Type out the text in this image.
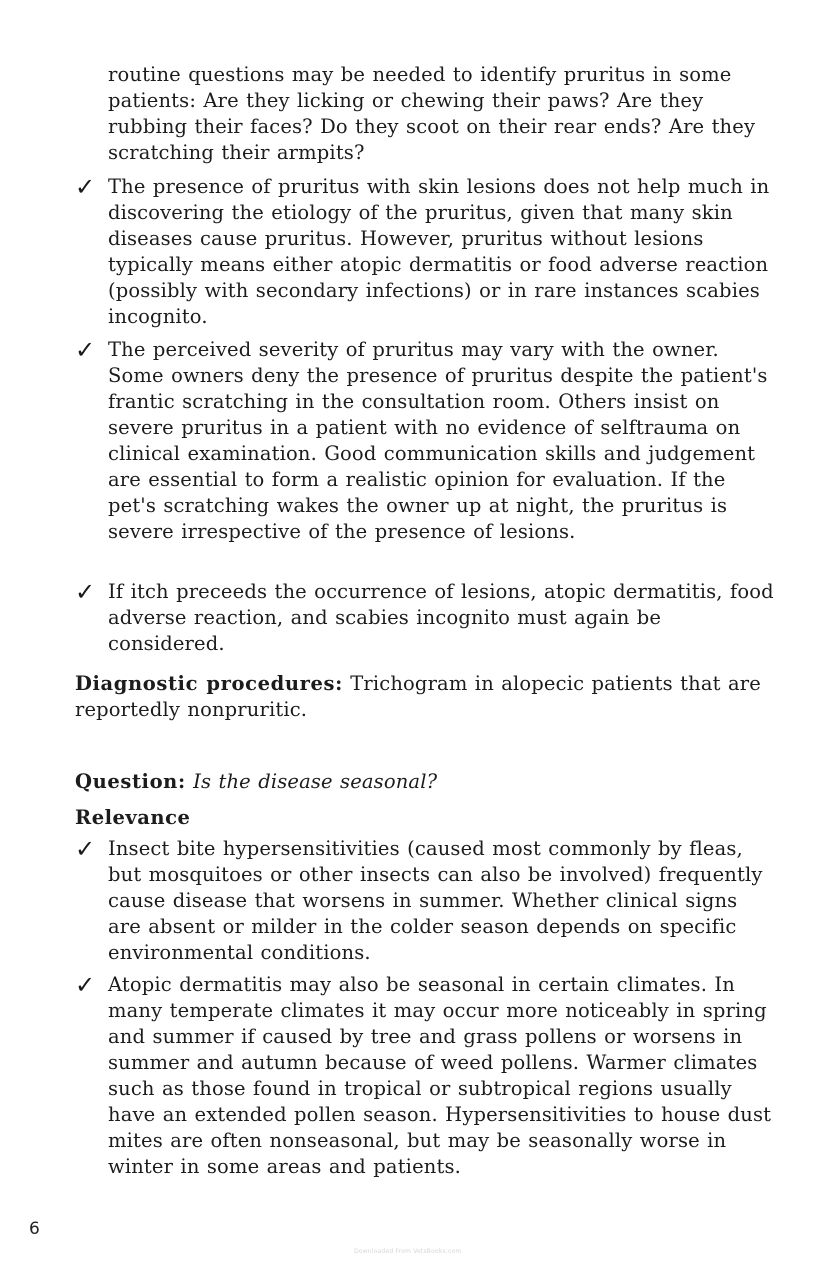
routine questions may be needed to identify pruritus in some patients: Are they licking or chewing their paws? Are they rubbing their faces? Do they scoot on their rear ends? Are they scratching their armpits?
✓ The presence of pruritus with skin lesions does not help much in discovering the etiology of the pruritus, given that many skin diseases cause pruritus. However, pruritus without lesions typically means either atopic dermatitis or food adverse reaction (possibly with secondary infections) or in rare instances scabies incognito.
✓ The perceived severity of pruritus may vary with the owner. Some owners deny the presence of pruritus despite the patient's frantic scratching in the consultation room. Others insist on severe pruritus in a patient with no evidence of selftrauma on clinical examination. Good communication skills and judgement are essential to form a realistic opinion for evaluation. If the pet's scratching wakes the owner up at night, the pruritus is severe irrespective of the presence of lesions.
✓ If itch preceeds the occurrence of lesions, atopic dermatitis, food adverse reaction, and scabies incognito must again be considered.
Diagnostic procedures: Trichogram in alopecic patients that are reportedly nonpruritic.
Question: Is the disease seasonal?
Relevance
✓ Insect bite hypersensitivities (caused most commonly by fleas, but mosquitoes or other insects can also be involved) frequently cause disease that worsens in summer. Whether clinical signs are absent or milder in the colder season depends on specific environmental conditions.
✓ Atopic dermatitis may also be seasonal in certain climates. In many temperate climates it may occur more noticeably in spring and summer if caused by tree and grass pollens or worsens in summer and autumn because of weed pollens. Warmer climates such as those found in tropical or subtropical regions usually have an extended pollen season. Hypersensitivities to house dust mites are often nonseasonal, but may be seasonally worse in winter in some areas and patients.
6
Downloaded From VetsBooks.com
